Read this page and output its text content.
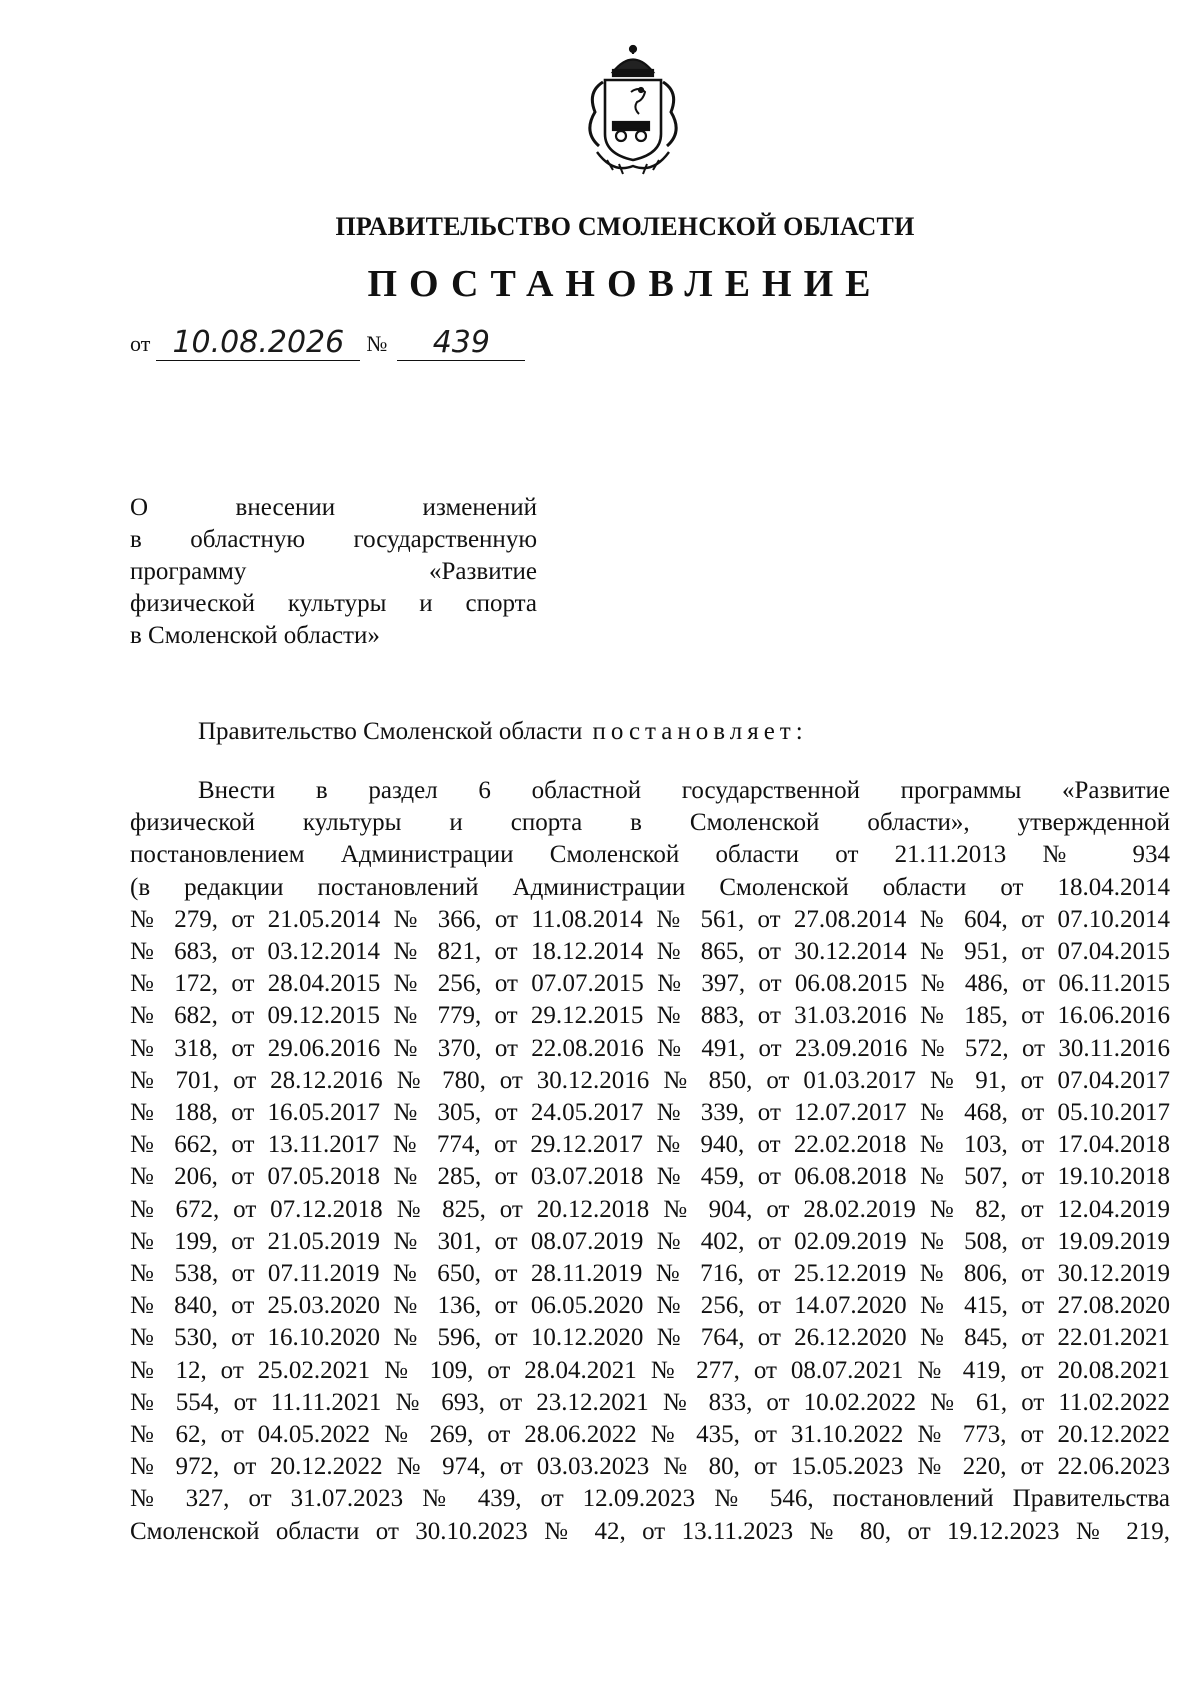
ПРАВИТЕЛЬСТВО СМОЛЕНСКОЙ ОБЛАСТИ
ПОСТАНОВЛЕНИЕ
от 10.08.2026	№	439
О внесении изменений
в областную государственную
программу «Развитие
физической культуры и спорта
в Смоленской области»
Правительство Смоленской области постановляет:
Внести в раздел 6 областной государственной программы «Развитие
физической культуры и спорта в Смоленской области», утвержденной
постановлением Администрации Смоленской области от 21.11.2013 № 934
(в редакции постановлений Администрации Смоленской области от 18.04.2014
№ 279, от 21.05.2014 № 366, от 11.08.2014 № 561, от 27.08.2014 № 604, от 07.10.2014
№ 683, от 03.12.2014 № 821, от 18.12.2014 № 865, от 30.12.2014 № 951, от 07.04.2015
№ 172, от 28.04.2015 № 256, от 07.07.2015 № 397, от 06.08.2015 № 486, от 06.11.2015
№ 682, от 09.12.2015 № 779, от 29.12.2015 № 883, от 31.03.2016 № 185, от 16.06.2016
№ 318, от 29.06.2016 № 370, от 22.08.2016 № 491, от 23.09.2016 № 572, от 30.11.2016
№ 701, от 28.12.2016 № 780, от 30.12.2016 № 850, от 01.03.2017 № 91, от 07.04.2017
№ 188, от 16.05.2017 № 305, от 24.05.2017 № 339, от 12.07.2017 № 468, от 05.10.2017
№ 662, от 13.11.2017 № 774, от 29.12.2017 № 940, от 22.02.2018 № 103, от 17.04.2018
№ 206, от 07.05.2018 № 285, от 03.07.2018 № 459, от 06.08.2018 № 507, от 19.10.2018
№ 672, от 07.12.2018 № 825, от 20.12.2018 № 904, от 28.02.2019 № 82, от 12.04.2019
№ 199, от 21.05.2019 № 301, от 08.07.2019 № 402, от 02.09.2019 № 508, от 19.09.2019
№ 538, от 07.11.2019 № 650, от 28.11.2019 № 716, от 25.12.2019 № 806, от 30.12.2019
№ 840, от 25.03.2020 № 136, от 06.05.2020 № 256, от 14.07.2020 № 415, от 27.08.2020
№ 530, от 16.10.2020 № 596, от 10.12.2020 № 764, от 26.12.2020 № 845, от 22.01.2021
№ 12, от 25.02.2021 № 109, от 28.04.2021 № 277, от 08.07.2021 № 419, от 20.08.2021
№ 554, от 11.11.2021 № 693, от 23.12.2021 № 833, от 10.02.2022 № 61, от 11.02.2022
№ 62, от 04.05.2022 № 269, от 28.06.2022 № 435, от 31.10.2022 № 773, от 20.12.2022
№ 972, от 20.12.2022 № 974, от 03.03.2023 № 80, от 15.05.2023 № 220, от 22.06.2023
№ 327, от 31.07.2023 № 439, от 12.09.2023 № 546, постановлений Правительства
Смоленской области от 30.10.2023 № 42, от 13.11.2023 № 80, от 19.12.2023 № 219,
